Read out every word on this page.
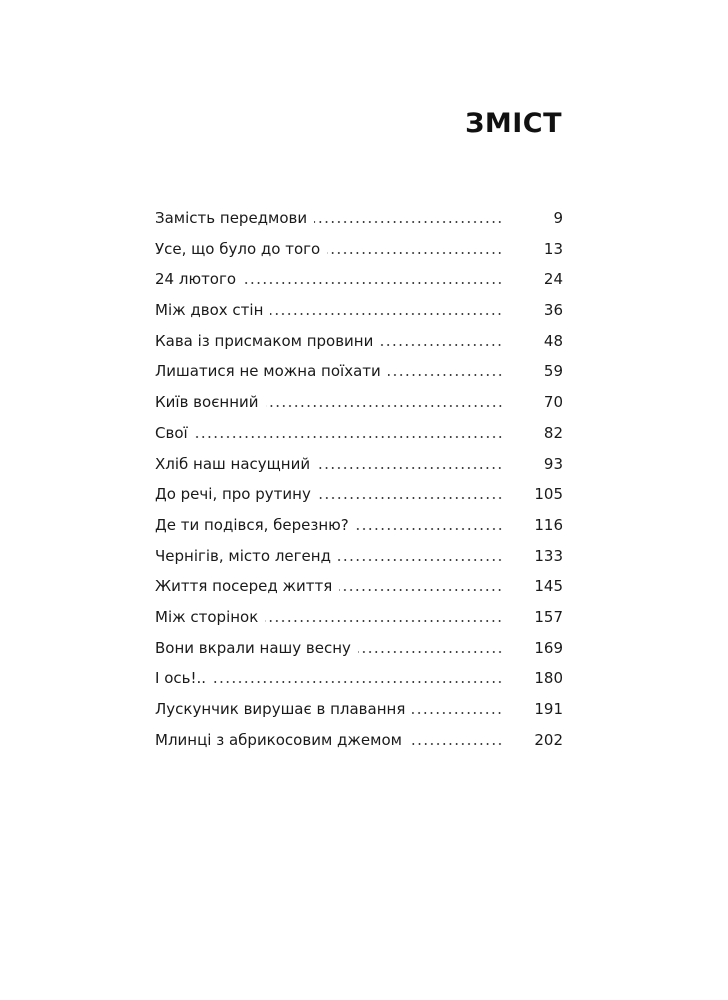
ЗМІСТ
Замість передмови	9
Усе, що було до того	13
24 лютого	24
Між двох стін	36
Кава із присмаком провини	48
Лишатися не можна поїхати	59
Київ воєнний	70
Свої	82
Хліб наш насущний	93
До речі, про рутину	105
Де ти подівся, березню?	116
Чернігів, місто легенд	133
Життя посеред життя	145
Між сторінок	157
Вони вкрали нашу весну	169
І ось!..	180
Лускунчик вирушає в плавання	191
Млинці з абрикосовим джемом	202
